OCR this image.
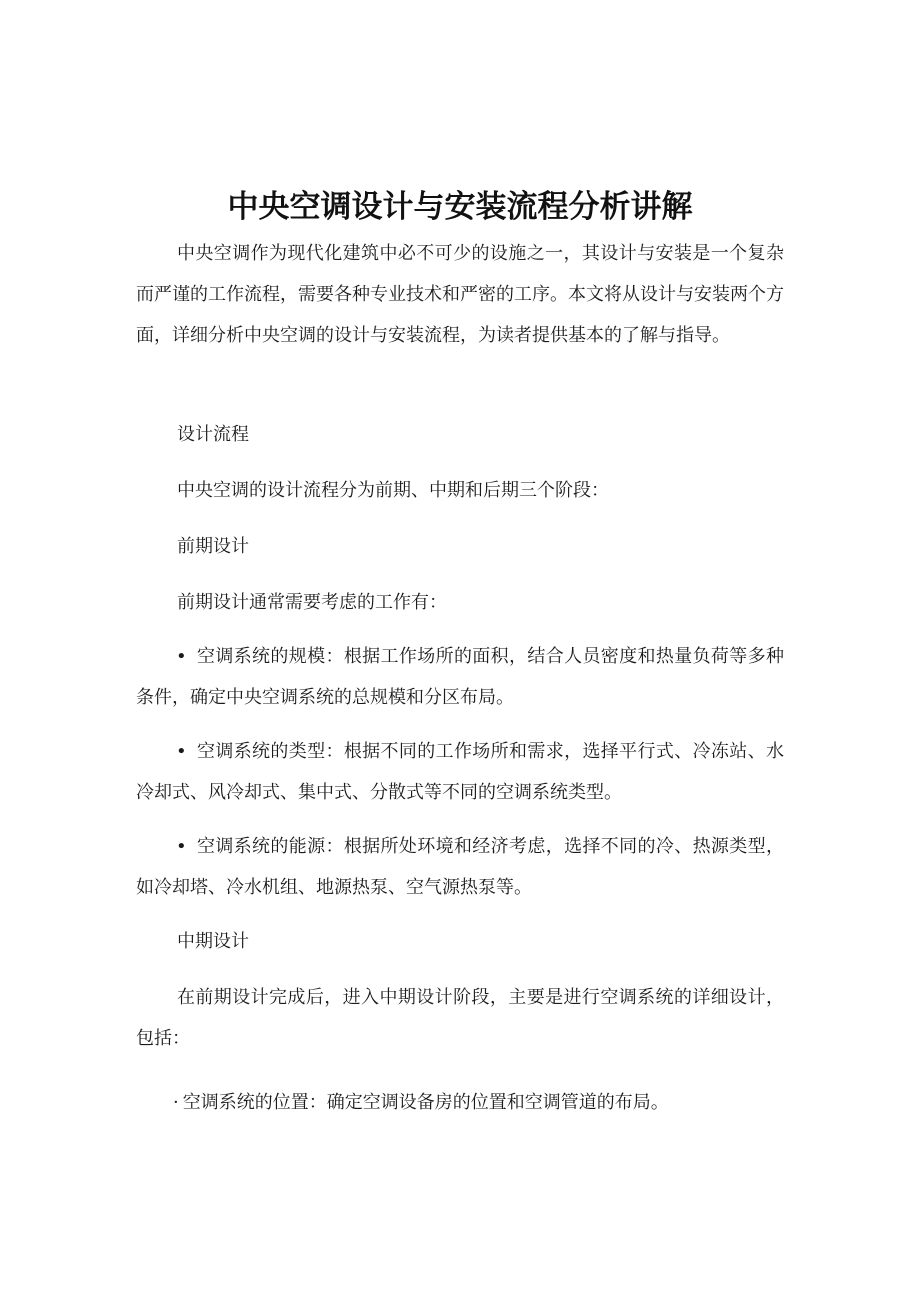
中央空调设计与安装流程分析讲解

中央空调作为现代化建筑中必不可少的设施之一，其设计与安装是一个复杂而严谨的工作流程，需要各种专业技术和严密的工序。本文将从设计与安装两个方面，详细分析中央空调的设计与安装流程，为读者提供基本的了解与指导。

设计流程

中央空调的设计流程分为前期、中期和后期三个阶段：

前期设计

前期设计通常需要考虑的工作有：

• 空调系统的规模：根据工作场所的面积，结合人员密度和热量负荷等多种条件，确定中央空调系统的总规模和分区布局。

• 空调系统的类型：根据不同的工作场所和需求，选择平行式、冷冻站、水冷却式、风冷却式、集中式、分散式等不同的空调系统类型。

• 空调系统的能源：根据所处环境和经济考虑，选择不同的冷、热源类型，如冷却塔、冷水机组、地源热泵、空气源热泵等。

中期设计

在前期设计完成后，进入中期设计阶段，主要是进行空调系统的详细设计，包括：

· 空调系统的位置：确定空调设备房的位置和空调管道的布局。
